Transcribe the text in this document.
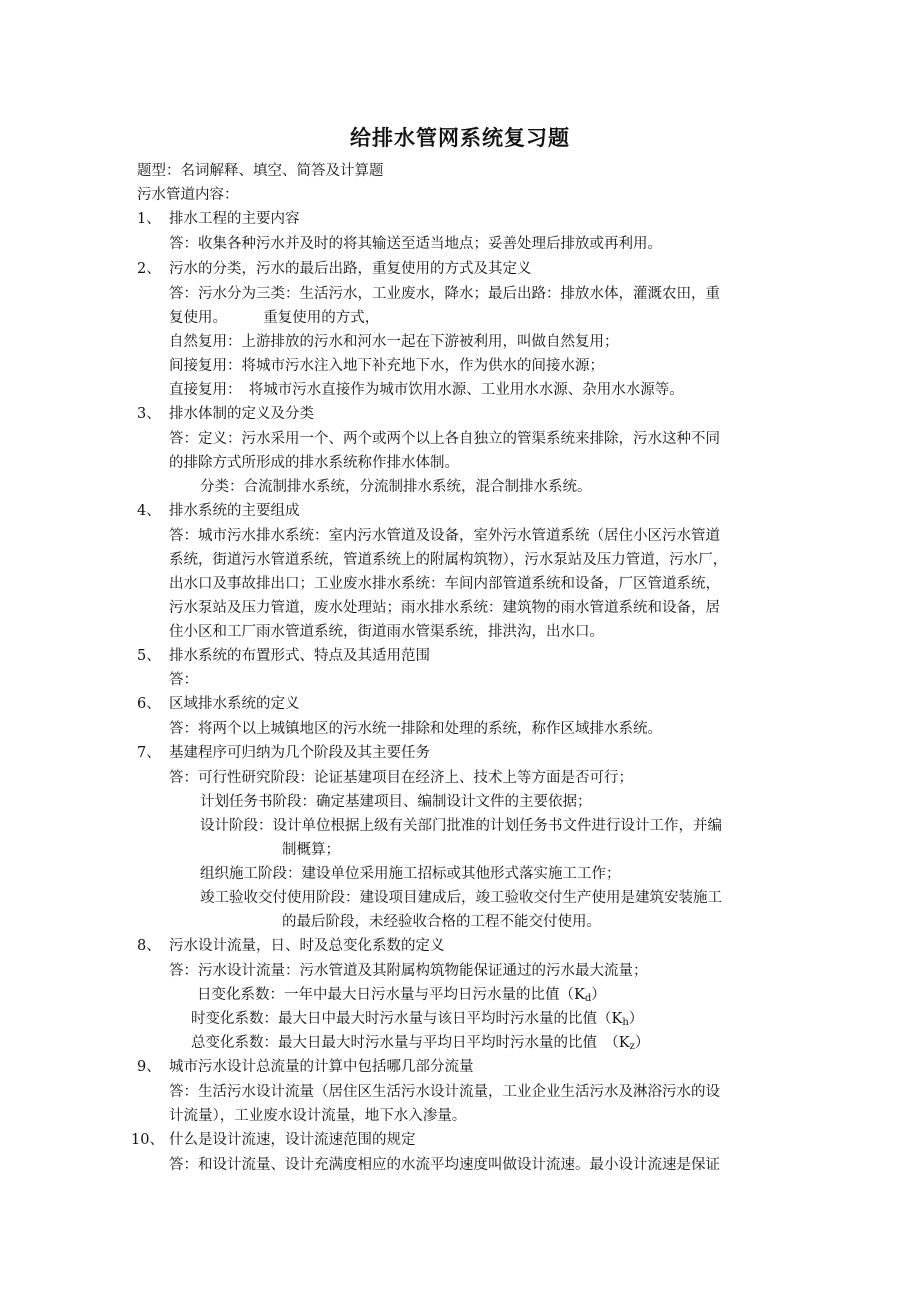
给排水管网系统复习题
题型：名词解释、填空、简答及计算题
污水管道内容：
1、 排水工程的主要内容
答：收集各种污水并及时的将其输送至适当地点；妥善处理后排放或再利用。
2、 污水的分类，污水的最后出路，重复使用的方式及其定义
答：污水分为三类：生活污水，工业废水，降水；最后出路：排放水体，灌溉农田，重
复使用。　　　重复使用的方式，
自然复用：上游排放的污水和河水一起在下游被利用，叫做自然复用；
间接复用：将城市污水注入地下补充地下水，作为供水的间接水源；
直接复用：　将城市污水直接作为城市饮用水源、工业用水水源、杂用水水源等。
3、 排水体制的定义及分类
答：定义：污水采用一个、两个或两个以上各自独立的管渠系统来排除，污水这种不同
的排除方式所形成的排水系统称作排水体制。
分类：合流制排水系统，分流制排水系统，混合制排水系统。
4、 排水系统的主要组成
答：城市污水排水系统：室内污水管道及设备，室外污水管道系统（居住小区污水管道
系统，街道污水管道系统，管道系统上的附属构筑物），污水泵站及压力管道，污水厂，
出水口及事故排出口；工业废水排水系统：车间内部管道系统和设备，厂区管道系统，
污水泵站及压力管道，废水处理站；雨水排水系统：建筑物的雨水管道系统和设备，居
住小区和工厂雨水管道系统，街道雨水管渠系统，排洪沟，出水口。
5、 排水系统的布置形式、特点及其适用范围
答：
6、 区域排水系统的定义
答：将两个以上城镇地区的污水统一排除和处理的系统，称作区域排水系统。
7、 基建程序可归纳为几个阶段及其主要任务
答：可行性研究阶段：论证基建项目在经济上、技术上等方面是否可行；
计划任务书阶段：确定基建项目、编制设计文件的主要依据；
设计阶段：设计单位根据上级有关部门批准的计划任务书文件进行设计工作，并编
制概算；
组织施工阶段：建设单位采用施工招标或其他形式落实施工工作；
竣工验收交付使用阶段：建设项目建成后，竣工验收交付生产使用是建筑安装施工
的最后阶段，未经验收合格的工程不能交付使用。
8、 污水设计流量，日、时及总变化系数的定义
答：污水设计流量：污水管道及其附属构筑物能保证通过的污水最大流量；
日变化系数：一年中最大日污水量与平均日污水量的比值$(K_d)$
时变化系数：最大日中最大时污水量与该日平均时污水量的比值$(K_h)$
总变化系数：最大日最大时污水量与平均日平均时污水量的比值　$(K_z)$
9、 城市污水设计总流量的计算中包括哪几部分流量
答：生活污水设计流量（居住区生活污水设计流量，工业企业生活污水及淋浴污水的设
计流量），工业废水设计流量，地下水入渗量。
10、 什么是设计流速，设计流速范围的规定
答：和设计流量、设计充满度相应的水流平均速度叫做设计流速。最小设计流速是保证
